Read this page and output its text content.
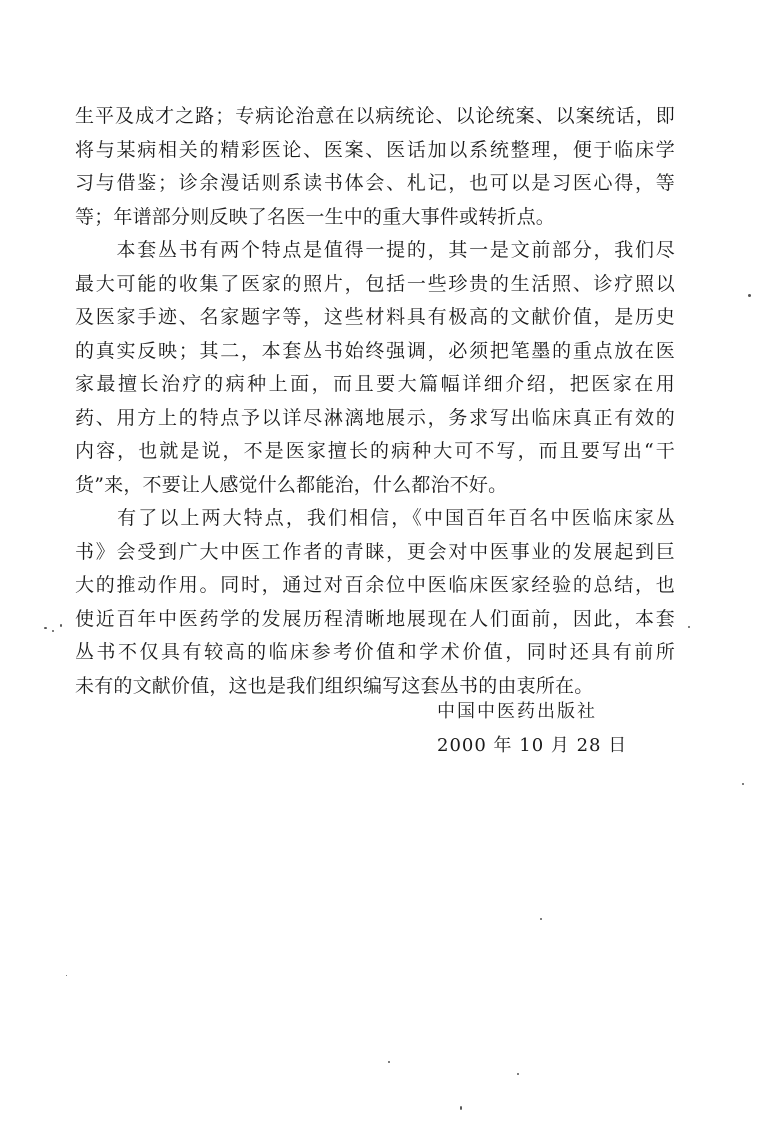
生平及成才之路；专病论治意在以病统论、以论统案、以案统话，即
将与某病相关的精彩医论、医案、医话加以系统整理，便于临床学
习与借鉴；诊余漫话则系读书体会、札记，也可以是习医心得，等
等；年谱部分则反映了名医一生中的重大事件或转折点。
　　本套丛书有两个特点是值得一提的，其一是文前部分，我们尽
最大可能的收集了医家的照片，包括一些珍贵的生活照、诊疗照以
及医家手迹、名家题字等，这些材料具有极高的文献价值，是历史
的真实反映；其二，本套丛书始终强调，必须把笔墨的重点放在医
家最擅长治疗的病种上面，而且要大篇幅详细介绍，把医家在用
药、用方上的特点予以详尽淋漓地展示，务求写出临床真正有效的
内容，也就是说，不是医家擅长的病种大可不写，而且要写出“干
货”来，不要让人感觉什么都能治，什么都治不好。
　　有了以上两大特点，我们相信，《中国百年百名中医临床家丛
书》会受到广大中医工作者的青睐，更会对中医事业的发展起到巨
大的推动作用。同时，通过对百余位中医临床医家经验的总结，也
使近百年中医药学的发展历程清晰地展现在人们面前，因此，本套
丛书不仅具有较高的临床参考价值和学术价值，同时还具有前所
未有的文献价值，这也是我们组织编写这套丛书的由衷所在。
中国中医药出版社
2000 年 10 月 28 日
